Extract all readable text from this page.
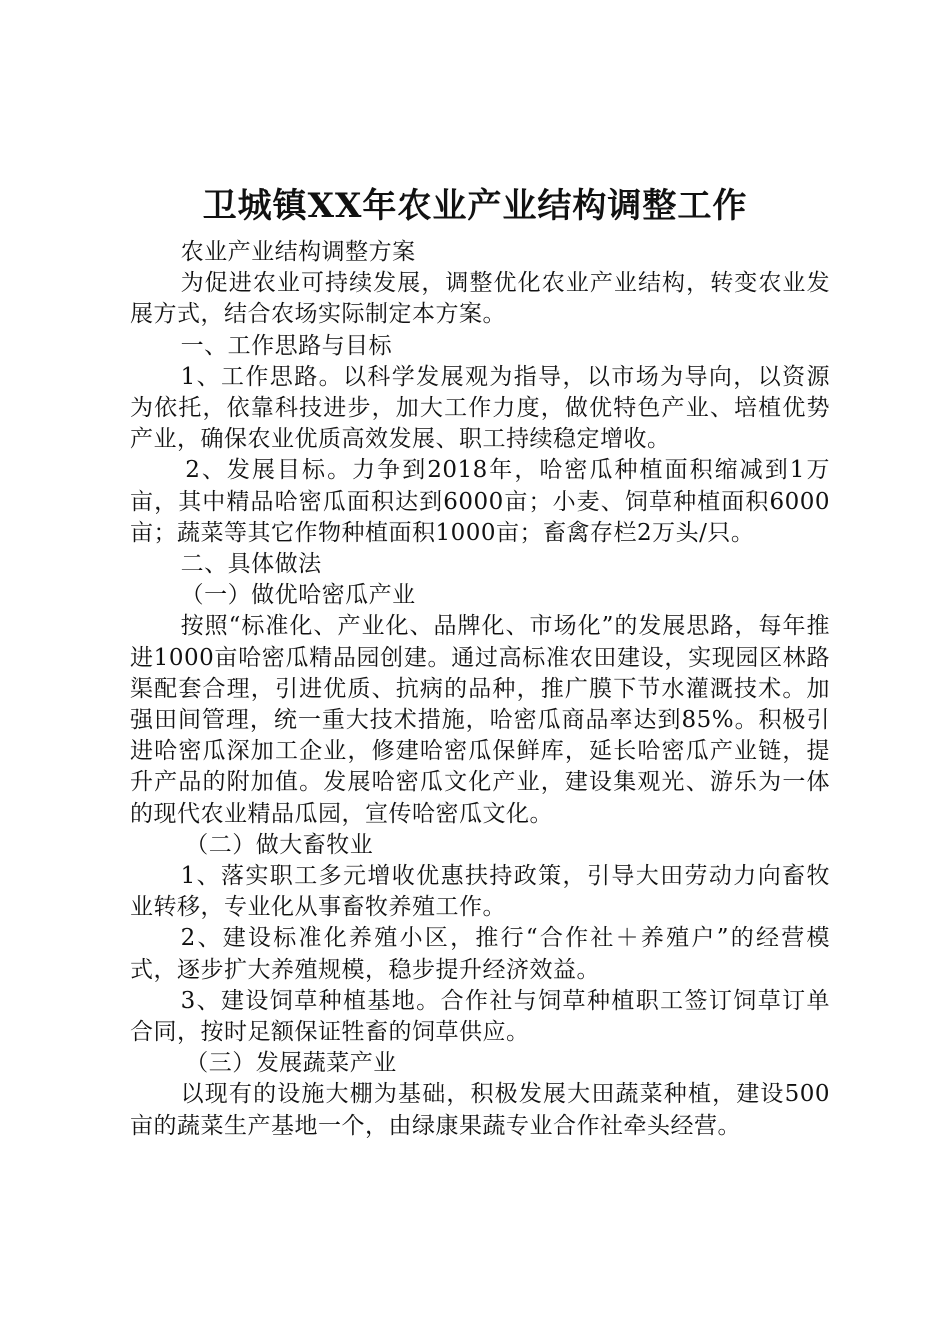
卫城镇XX年农业产业结构调整工作

农业产业结构调整方案

为促进农业可持续发展，调整优化农业产业结构，转变农业发展方式，结合农场实际制定本方案。

一、工作思路与目标

1、工作思路。以科学发展观为指导，以市场为导向，以资源为依托，依靠科技进步，加大工作力度，做优特色产业、培植优势产业，确保农业优质高效发展、职工持续稳定增收。

2、发展目标。力争到2018年，哈密瓜种植面积缩减到1万亩，其中精品哈密瓜面积达到6000亩；小麦、饲草种植面积6000亩；蔬菜等其它作物种植面积1000亩；畜禽存栏2万头/只。

二、具体做法

（一）做优哈密瓜产业

按照“标准化、产业化、品牌化、市场化”的发展思路，每年推进1000亩哈密瓜精品园创建。通过高标准农田建设，实现园区林路渠配套合理，引进优质、抗病的品种，推广膜下节水灌溉技术。加强田间管理，统一重大技术措施，哈密瓜商品率达到85%。积极引进哈密瓜深加工企业，修建哈密瓜保鲜库，延长哈密瓜产业链，提升产品的附加值。发展哈密瓜文化产业，建设集观光、游乐为一体的现代农业精品瓜园，宣传哈密瓜文化。

（二）做大畜牧业

1、落实职工多元增收优惠扶持政策，引导大田劳动力向畜牧业转移，专业化从事畜牧养殖工作。

2、建设标准化养殖小区，推行“合作社＋养殖户”的经营模式，逐步扩大养殖规模，稳步提升经济效益。

3、建设饲草种植基地。合作社与饲草种植职工签订饲草订单合同，按时足额保证牲畜的饲草供应。

（三）发展蔬菜产业

以现有的设施大棚为基础，积极发展大田蔬菜种植，建设500亩的蔬菜生产基地一个，由绿康果蔬专业合作社牵头经营。
